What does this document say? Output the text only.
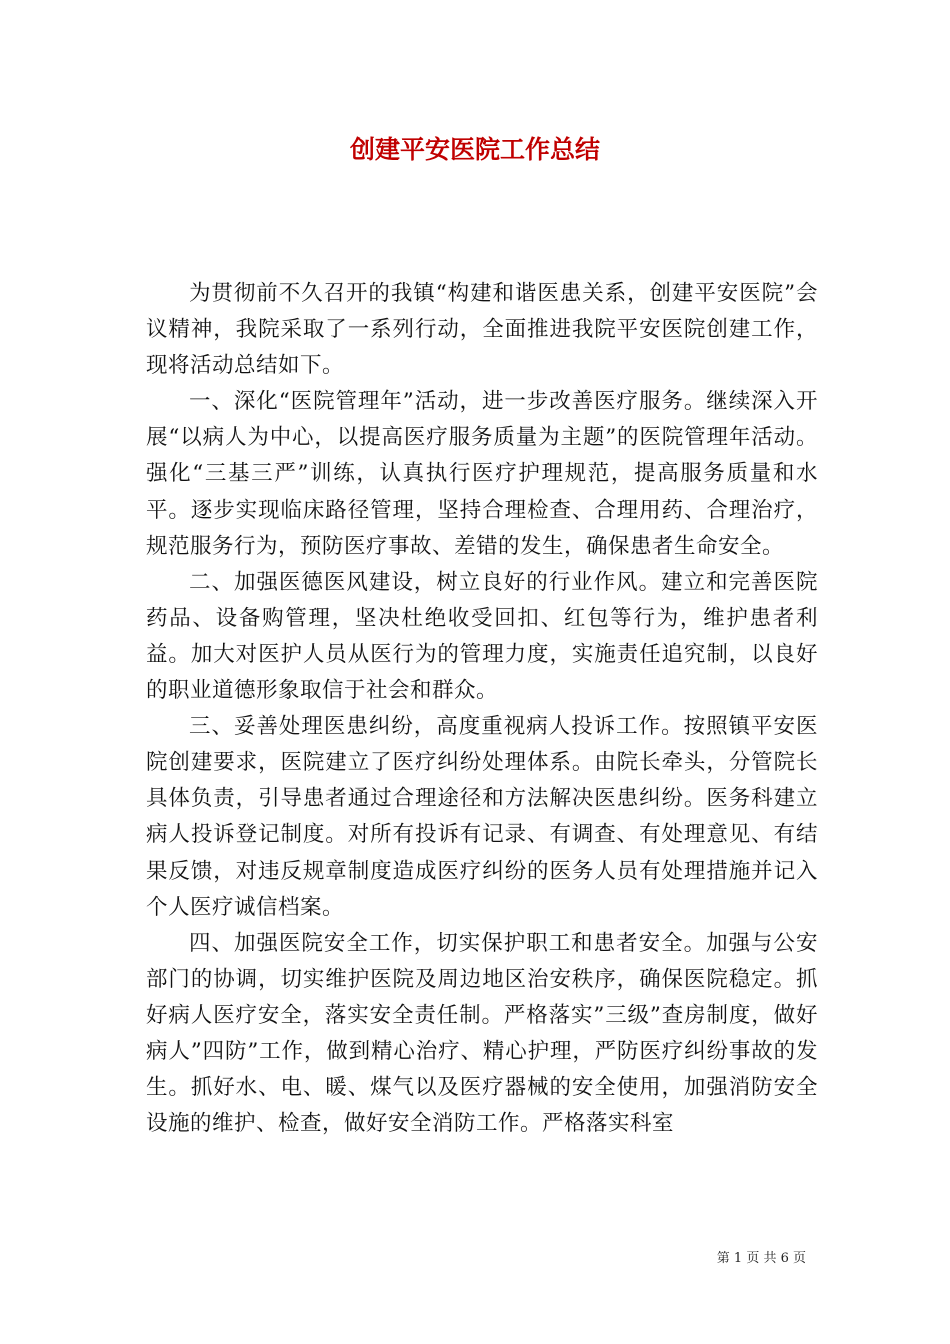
创建平安医院工作总结

为贯彻前不久召开的我镇“构建和谐医患关系，创建平安医院”会议精神，我院采取了一系列行动，全面推进我院平安医院创建工作，现将活动总结如下。

一、深化“医院管理年”活动，进一步改善医疗服务。继续深入开展“以病人为中心，以提高医疗服务质量为主题”的医院管理年活动。强化“三基三严”训练，认真执行医疗护理规范，提高服务质量和水平。逐步实现临床路径管理，坚持合理检查、合理用药、合理治疗，规范服务行为，预防医疗事故、差错的发生，确保患者生命安全。

二、加强医德医风建设，树立良好的行业作风。建立和完善医院药品、设备购管理，坚决杜绝收受回扣、红包等行为，维护患者利益。加大对医护人员从医行为的管理力度，实施责任追究制，以良好的职业道德形象取信于社会和群众。

三、妥善处理医患纠纷，高度重视病人投诉工作。按照镇平安医院创建要求，医院建立了医疗纠纷处理体系。由院长牵头，分管院长具体负责，引导患者通过合理途径和方法解决医患纠纷。医务科建立病人投诉登记制度。对所有投诉有记录、有调查、有处理意见、有结果反馈，对违反规章制度造成医疗纠纷的医务人员有处理措施并记入个人医疗诚信档案。

四、加强医院安全工作，切实保护职工和患者安全。加强与公安部门的协调，切实维护医院及周边地区治安秩序，确保医院稳定。抓好病人医疗安全，落实安全责任制。严格落实”三级”查房制度，做好病人”四防”工作，做到精心治疗、精心护理，严防医疗纠纷事故的发生。抓好水、电、暖、煤气以及医疗器械的安全使用，加强消防安全设施的维护、检查，做好安全消防工作。严格落实科室

第 1 页 共 6 页
